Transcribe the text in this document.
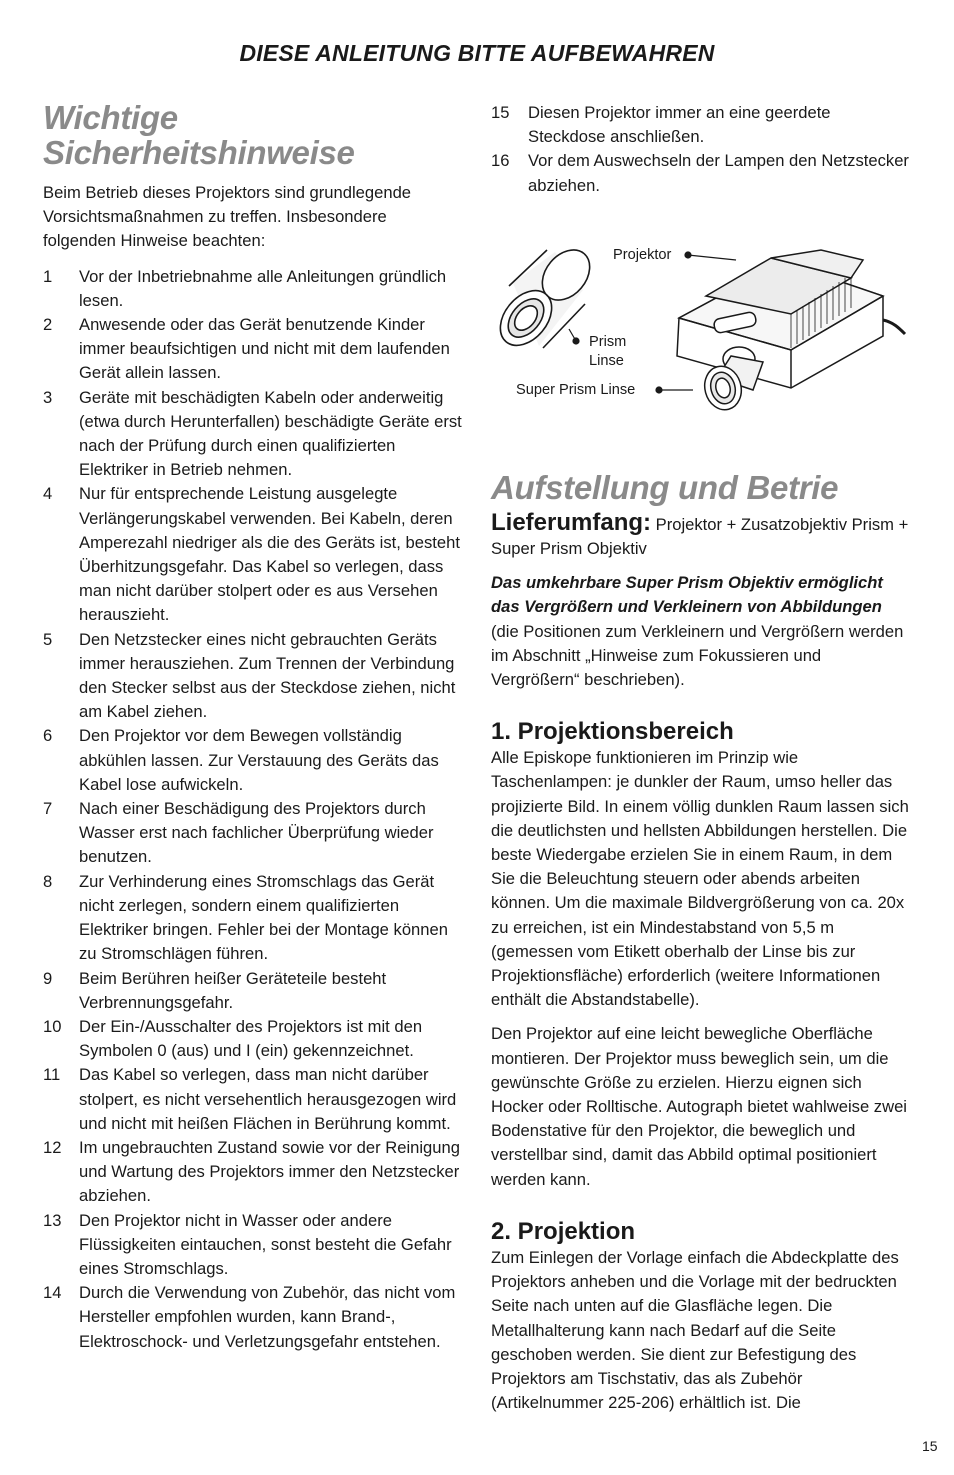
DIESE ANLEITUNG BITTE AUFBEWAHREN
Wichtige
Sicherheitshinweise

Beim Betrieb dieses Projektors sind grundlegende Vorsichtsmaßnahmen zu treffen. Insbesondere folgenden Hinweise beachten:

1	Vor der Inbetriebnahme alle Anleitungen gründlich lesen.
2	Anwesende oder das Gerät benutzende Kinder immer beaufsichtigen und nicht mit dem laufenden Gerät allein lassen.
3	Geräte mit beschädigten Kabeln oder anderweitig (etwa durch Herunterfallen) beschädigte Geräte erst nach der Prüfung durch einen qualifizierten Elektriker in Betrieb nehmen.
4	Nur für entsprechende Leistung ausgelegte Verlängerungskabel verwenden. Bei Kabeln, deren Amperezahl niedriger als die des Geräts ist, besteht Überhitzungsgefahr. Das Kabel so verlegen, dass man nicht darüber stolpert oder es aus Versehen herauszieht.
5	Den Netzstecker eines nicht gebrauchten Geräts immer herausziehen. Zum Trennen der Verbindung den Stecker selbst aus der Steckdose ziehen, nicht am Kabel ziehen.
6	Den Projektor vor dem Bewegen vollständig abkühlen lassen. Zur Verstauung des Geräts das Kabel lose aufwickeln.
7	Nach einer Beschädigung des Projektors durch Wasser erst nach fachlicher Überprüfung wieder benutzen.
8	Zur Verhinderung eines Stromschlags das Gerät nicht zerlegen, sondern einem qualifizierten Elektriker bringen. Fehler bei der Montage können zu Stromschlägen führen.
9	Beim Berühren heißer Geräteteile besteht Verbrennungsgefahr.
10	Der Ein-/Ausschalter des Projektors ist mit den Symbolen 0 (aus) und I (ein) gekennzeichnet.
11	Das Kabel so verlegen, dass man nicht darüber stolpert, es nicht versehentlich herausgezogen wird und nicht mit heißen Flächen in Berührung kommt.
12	Im ungebrauchten Zustand sowie vor der Reinigung und Wartung des Projektors immer den Netzstecker abziehen.
13	Den Projektor nicht in Wasser oder andere Flüssigkeiten eintauchen, sonst besteht die Gefahr eines Stromschlags.
14	Durch die Verwendung von Zubehör, das nicht vom Hersteller empfohlen wurden, kann Brand-, Elektroschock- und Verletzungsgefahr entstehen.
15	Diesen Projektor immer an eine geerdete Steckdose anschließen.
16	Vor dem Auswechseln der Lampen den Netzstecker abziehen.
Projektor
Prism
Linse
Super Prism Linse
Aufstellung und Betrie

Lieferumfang: Projektor + Zusatzobjektiv Prism + Super Prism Objektiv

Das umkehrbare Super Prism Objektiv ermöglicht das Vergrößern und Verkleinern von Abbildungen (die Positionen zum Verkleinern und Vergrößern werden im Abschnitt „Hinweise zum Fokussieren und Vergrößern“ beschrieben).

1. Projektionsbereich

Alle Episkope funktionieren im Prinzip wie Taschenlampen: je dunkler der Raum, umso heller das projizierte Bild. In einem völlig dunklen Raum lassen sich die deutlichsten und hellsten Abbildungen herstellen. Die beste Wiedergabe erzielen Sie in einem Raum, in dem Sie die Beleuchtung steuern oder abends arbeiten können. Um die maximale Bildvergrößerung von ca. 20x zu erreichen, ist ein Mindestabstand von 5,5 m (gemessen vom Etikett oberhalb der Linse bis zur Projektionsfläche) erforderlich (weitere Informationen enthält die Abstandstabelle).

Den Projektor auf eine leicht bewegliche Oberfläche montieren. Der Projektor muss beweglich sein, um die gewünschte Größe zu erzielen. Hierzu eignen sich Hocker oder Rolltische. Autograph bietet wahlweise zwei Bodenstative für den Projektor, die beweglich und verstellbar sind, damit das Abbild optimal positioniert werden kann.

2. Projektion

Zum Einlegen der Vorlage einfach die Abdeckplatte des Projektors anheben und die Vorlage mit der bedruckten Seite nach unten auf die Glasfläche legen. Die Metallhalterung kann nach Bedarf auf die Seite geschoben werden. Sie dient zur Befestigung des Projektors am Tischstativ, das als Zubehör (Artikelnummer 225-206) erhältlich ist. Die

15
